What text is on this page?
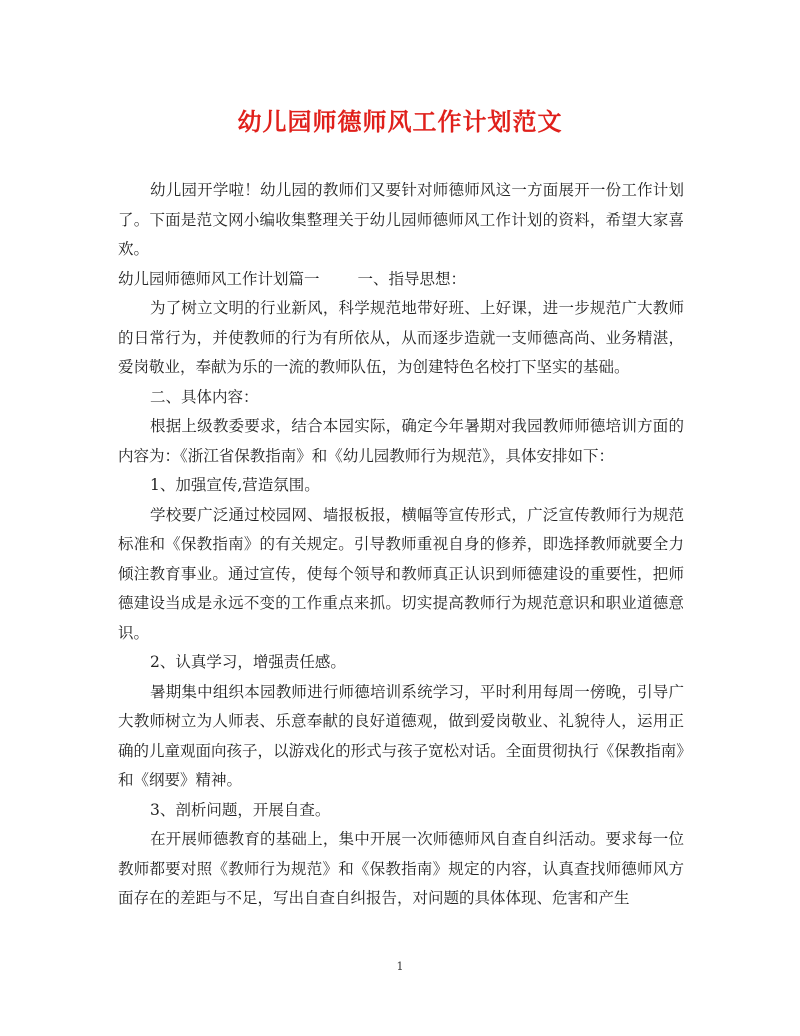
幼儿园师德师风工作计划范文

幼儿园开学啦！幼儿园的教师们又要针对师德师风这一方面展开一份工作计划了。下面是范文网小编收集整理关于幼儿园师德师风工作计划的资料，希望大家喜欢。

幼儿园师德师风工作计划篇一 一、指导思想：

为了树立文明的行业新风，科学规范地带好班、上好课，进一步规范广大教师的日常行为，并使教师的行为有所依从，从而逐步造就一支师德高尚、业务精湛，爱岗敬业，奉献为乐的一流的教师队伍，为创建特色名校打下坚实的基础。

二、具体内容：

根据上级教委要求，结合本园实际，确定今年暑期对我园教师师德培训方面的内容为：《浙江省保教指南》和《幼儿园教师行为规范》，具体安排如下：

1、加强宣传,营造氛围。

学校要广泛通过校园网、墙报板报，横幅等宣传形式，广泛宣传教师行为规范标准和《保教指南》的有关规定。引导教师重视自身的修养，即选择教师就要全力倾注教育事业。通过宣传，使每个领导和教师真正认识到师德建设的重要性，把师德建设当成是永远不变的工作重点来抓。切实提高教师行为规范意识和职业道德意识。

2、认真学习，增强责任感。

暑期集中组织本园教师进行师德培训系统学习，平时利用每周一傍晚，引导广大教师树立为人师表、乐意奉献的良好道德观，做到爱岗敬业、礼貌待人，运用正确的儿童观面向孩子，以游戏化的形式与孩子宽松对话。全面贯彻执行《保教指南》和《纲要》精神。

3、剖析问题，开展自查。

在开展师德教育的基础上，集中开展一次师德师风自查自纠活动。要求每一位教师都要对照《教师行为规范》和《保教指南》规定的内容，认真查找师德师风方面存在的差距与不足，写出自查自纠报告，对问题的具体体现、危害和产生

1
